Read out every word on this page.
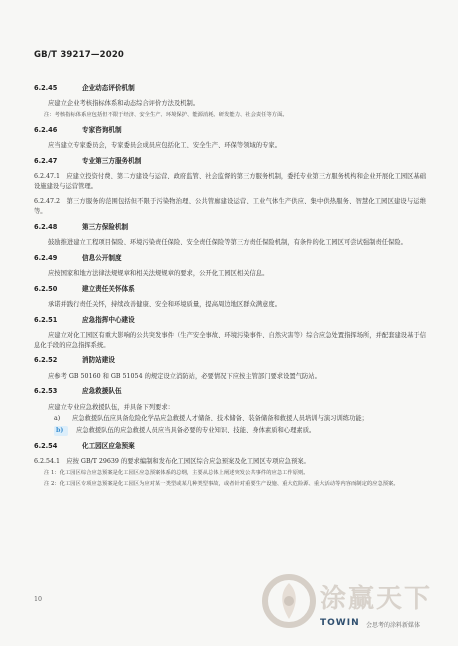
GB/T 39217—2020
6.2.45	企业动态评价机制

应建立企业考核指标体系和动态综合评价方法及机制。

注：考核指标体系应包括但不限于经济、安全生产、环境保护、能源消耗、研发能力、社会责任等方面。
6.2.46	专家咨询机制

应当建立专家委员会，专家委员会成员应包括化工、安全生产、环保等领域的专家。

6.2.47	专业第三方服务机制

6.2.47.1　应建立投资付费、第二方建设与运营、政府监管、社会监督的第三方服务机制，委托专业第三方服务机构和企业开展化工园区基础设施建设与运营管理。

6.2.47.2　第三方服务的范围包括但不限于污染物治理、公共管廊建设运营、工业气体生产供应、集中供热服务、智慧化工园区建设与运维等。

6.2.48	第三方保险机制

鼓励推进建立工程项目保险、环境污染责任保险、安全责任保险等第三方责任保险机制，有条件的化工园区可尝试强制责任保险。

6.2.49	信息公开制度

应按国家和地方法律法规规章和相关法规规章的要求，公开化工园区相关信息。

6.2.50	建立责任关怀体系

承诺并践行责任关怀，持续改善健康、安全和环境质量，提高周边地区群众满意度。

6.2.51	应急指挥中心建设

应建立对化工园区有重大影响的公共突发事件（生产安全事故、环境污染事件、自然灾害等）综合应急处置指挥场所，并配套建设基于信息化手段的应急指挥系统。

6.2.52	消防站建设

应参考 GB 50160 和 GB 51054 的规定设立消防站，必要情况下应按主管部门要求设置气防站。

6.2.53	应急救援队伍

应建立专业应急救援队伍，并具备下列要求：

a)	应急救援队伍应具备危险化学品应急救援人才储备、技术储备、装备储备和救援人员培训与演习训练功能；
b)	应急救援队伍的应急救援人员应当具备必要的专业知识、技能、身体素质和心理素质。
6.2.54	化工园区应急预案

6.2.54.1　应按 GB/T 29639 的要求编制和发布化工园区综合应急预案及化工园区专项应急预案。

注 1：化工园区综合应急预案是化工园区应急预案体系的总纲，主要从总体上阐述突发公共事件的应急工作原则。
注 2：化工园区专项应急预案是化工园区为应对某一类型或某几种类型事故，或者针对重要生产设施、重大危险源、重大活动等内容而制定的应急预案。
10	涂赢天下
TOWIN 会思考的涂料新媒体
